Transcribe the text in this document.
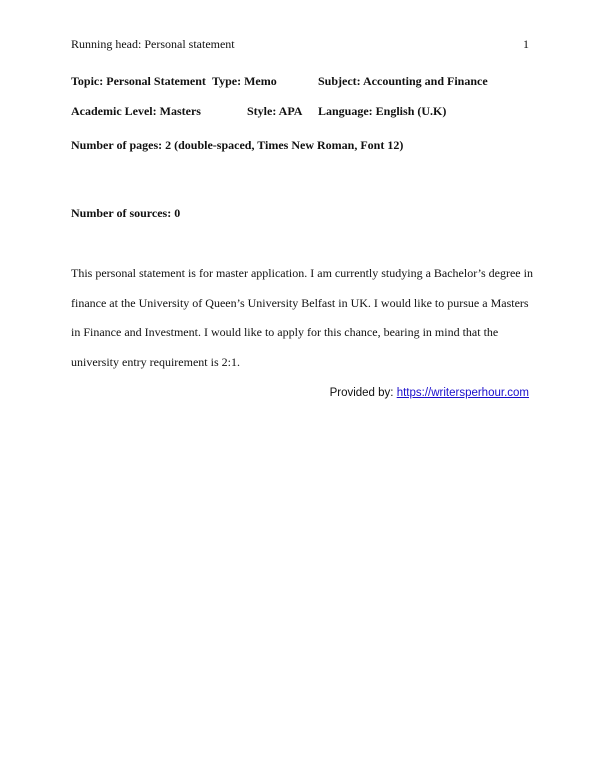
Running head: Personal statement	1
Topic: Personal Statement Type: Memo	Subject: Accounting and Finance
Academic Level: Masters	Style: APA Language: English (U.K)
Number of pages: 2 (double-spaced, Times New Roman, Font 12)
Number of sources: 0
This personal statement is for master application. I am currently studying a Bachelor’s degree in
finance at the University of Queen’s University Belfast in UK. I would like to pursue a Masters
in Finance and Investment. I would like to apply for this chance, bearing in mind that the
university entry requirement is 2:1.
Provided by: https://writersperhour.com
